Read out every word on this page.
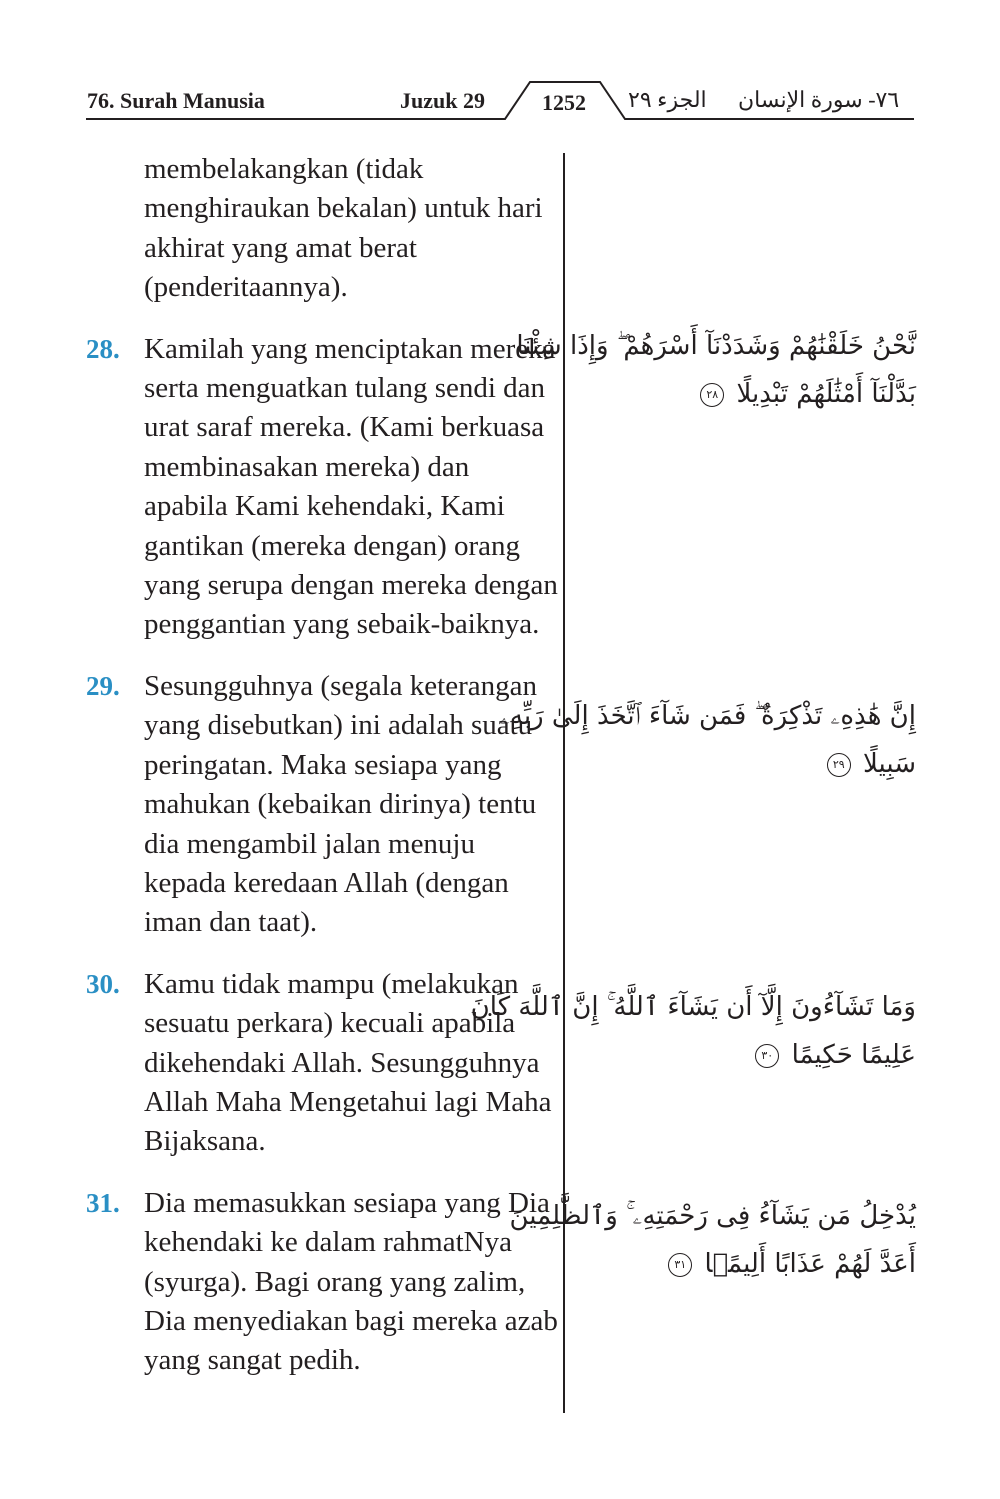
76. Surah Manusia	Juzuk 29	1252	الجزء ٢٩ ٧٦- سورة الإنسان

membelakangkan (tidak menghiraukan bekalan) untuk hari akhirat yang amat berat (penderitaannya).

28. Kamilah yang menciptakan mereka serta menguatkan tulang sendi dan urat saraf mereka. (Kami berkuasa membinasakan mereka) dan apabila Kami kehendaki, Kami gantikan (mereka dengan) orang yang serupa dengan mereka dengan penggantian yang sebaik-baiknya.

29. Sesungguhnya (segala keterangan yang disebutkan) ini adalah suatu peringatan. Maka sesiapa yang mahukan (kebaikan dirinya) tentu dia mengambil jalan menuju kepada keredaan Allah (dengan iman dan taat).

30. Kamu tidak mampu (melakukan sesuatu perkara) kecuali apabila dikehendaki Allah. Sesungguhnya Allah Maha Mengetahui lagi Maha Bijaksana.

31. Dia memasukkan sesiapa yang Dia kehendaki ke dalam rahmatNya (syurga). Bagi orang yang zalim, Dia menyediakan bagi mereka azab yang sangat pedih.

نَّحْنُ خَلَقْنَٰهُمْ وَشَدَدْنَآ أَسْرَهُمْ ۖ وَإِذَا شِئْنَا
بَدَّلْنَآ أَمْثَٰلَهُمْ تَبْدِيلًا ٢٨
إِنَّ هَٰذِهِۦ تَذْكِرَةٌ ۖ فَمَن شَآءَ ٱتَّخَذَ إِلَىٰ رَبِّهِۦ
سَبِيلًا ٢٩
وَمَا تَشَآءُونَ إِلَّآ أَن يَشَآءَ ٱللَّهُ ۚ إِنَّ ٱللَّهَ كَانَ
عَلِيمًا حَكِيمًا ٣٠
يُدْخِلُ مَن يَشَآءُ فِى رَحْمَتِهِۦ ۚ وَٱلظَّٰلِمِينَ
أَعَدَّ لَهُمْ عَذَابًا أَلِيمًۢا ٣١
